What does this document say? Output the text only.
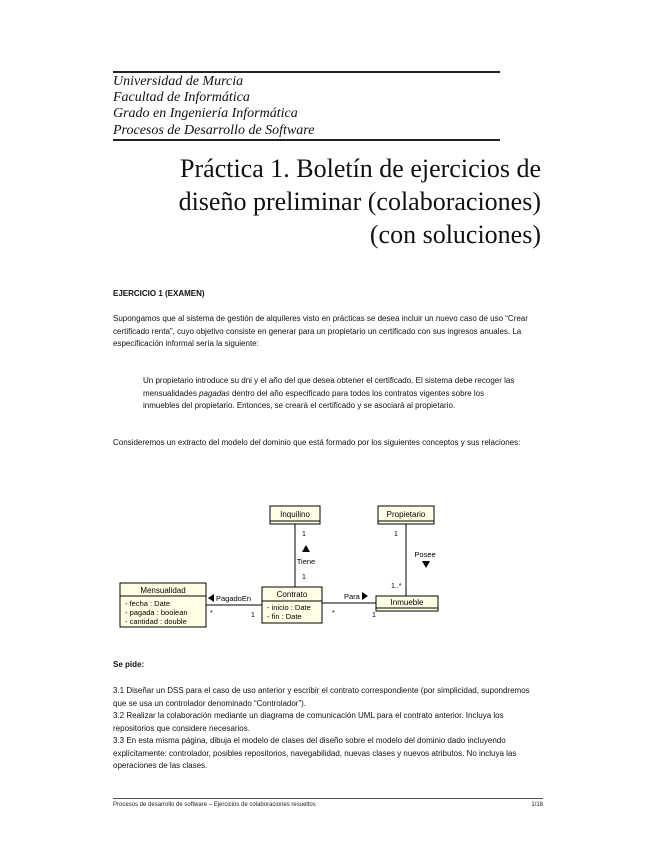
Universidad de Murcia
Facultad de Informática
Grado en Ingeniería Informática
Procesos de Desarrollo de Software
Práctica 1. Boletín de ejercicios de
diseño preliminar (colaboraciones)
(con soluciones)
EJERCICIO 1 (EXAMEN)
Supongamos que al sistema de gestión de alquileres visto en prácticas se desea incluir un nuevo caso de uso “Crear certificado renta”, cuyo objetivo consiste en generar para un propietario un certificado con sus ingresos anuales. La especificación informal sería la siguiente:
Un propietario introduce su dni y el año del que desea obtener el certificado. El sistema debe recoger las mensualidades pagadas dentro del año especificado para todos los contratos vigentes sobre los inmuebles del propietario. Entonces, se creará el certificado y se asociará al propietario.
Consideremos un extracto del modelo del dominio que está formado por los siguientes conceptos y sus relaciones:
Inquilino	Propietario
Mensualidad
- fecha : Date
- pagada : boolean
- cantidad : double
Contrato
- inicio : Date
- fin : Date
Inmueble
Tiene
1
1
Posee
1
1..*
PagadoEn
*	1
Para
*	1
Se pide:

3.1 Diseñar un DSS para el caso de uso anterior y escribir el contrato correspondiente (por simplicidad, supondremos que se usa un controlador denominado “Controlador”).

3.2 Realizar la colaboración mediante un diagrama de comunicación UML para el contrato anterior. Incluya los repositorios que considere necesarios.

3.3 En esta misma página, dibuja el modelo de clases del diseño sobre el modelo del dominio dado incluyendo explícitamente: controlador, posibles repositorios, navegabilidad, nuevas clases y nuevos atributos. No incluya las operaciones de las clases.

Procesos de desarrollo de software – Ejercicios de colaboraciones resueltos	1/18
